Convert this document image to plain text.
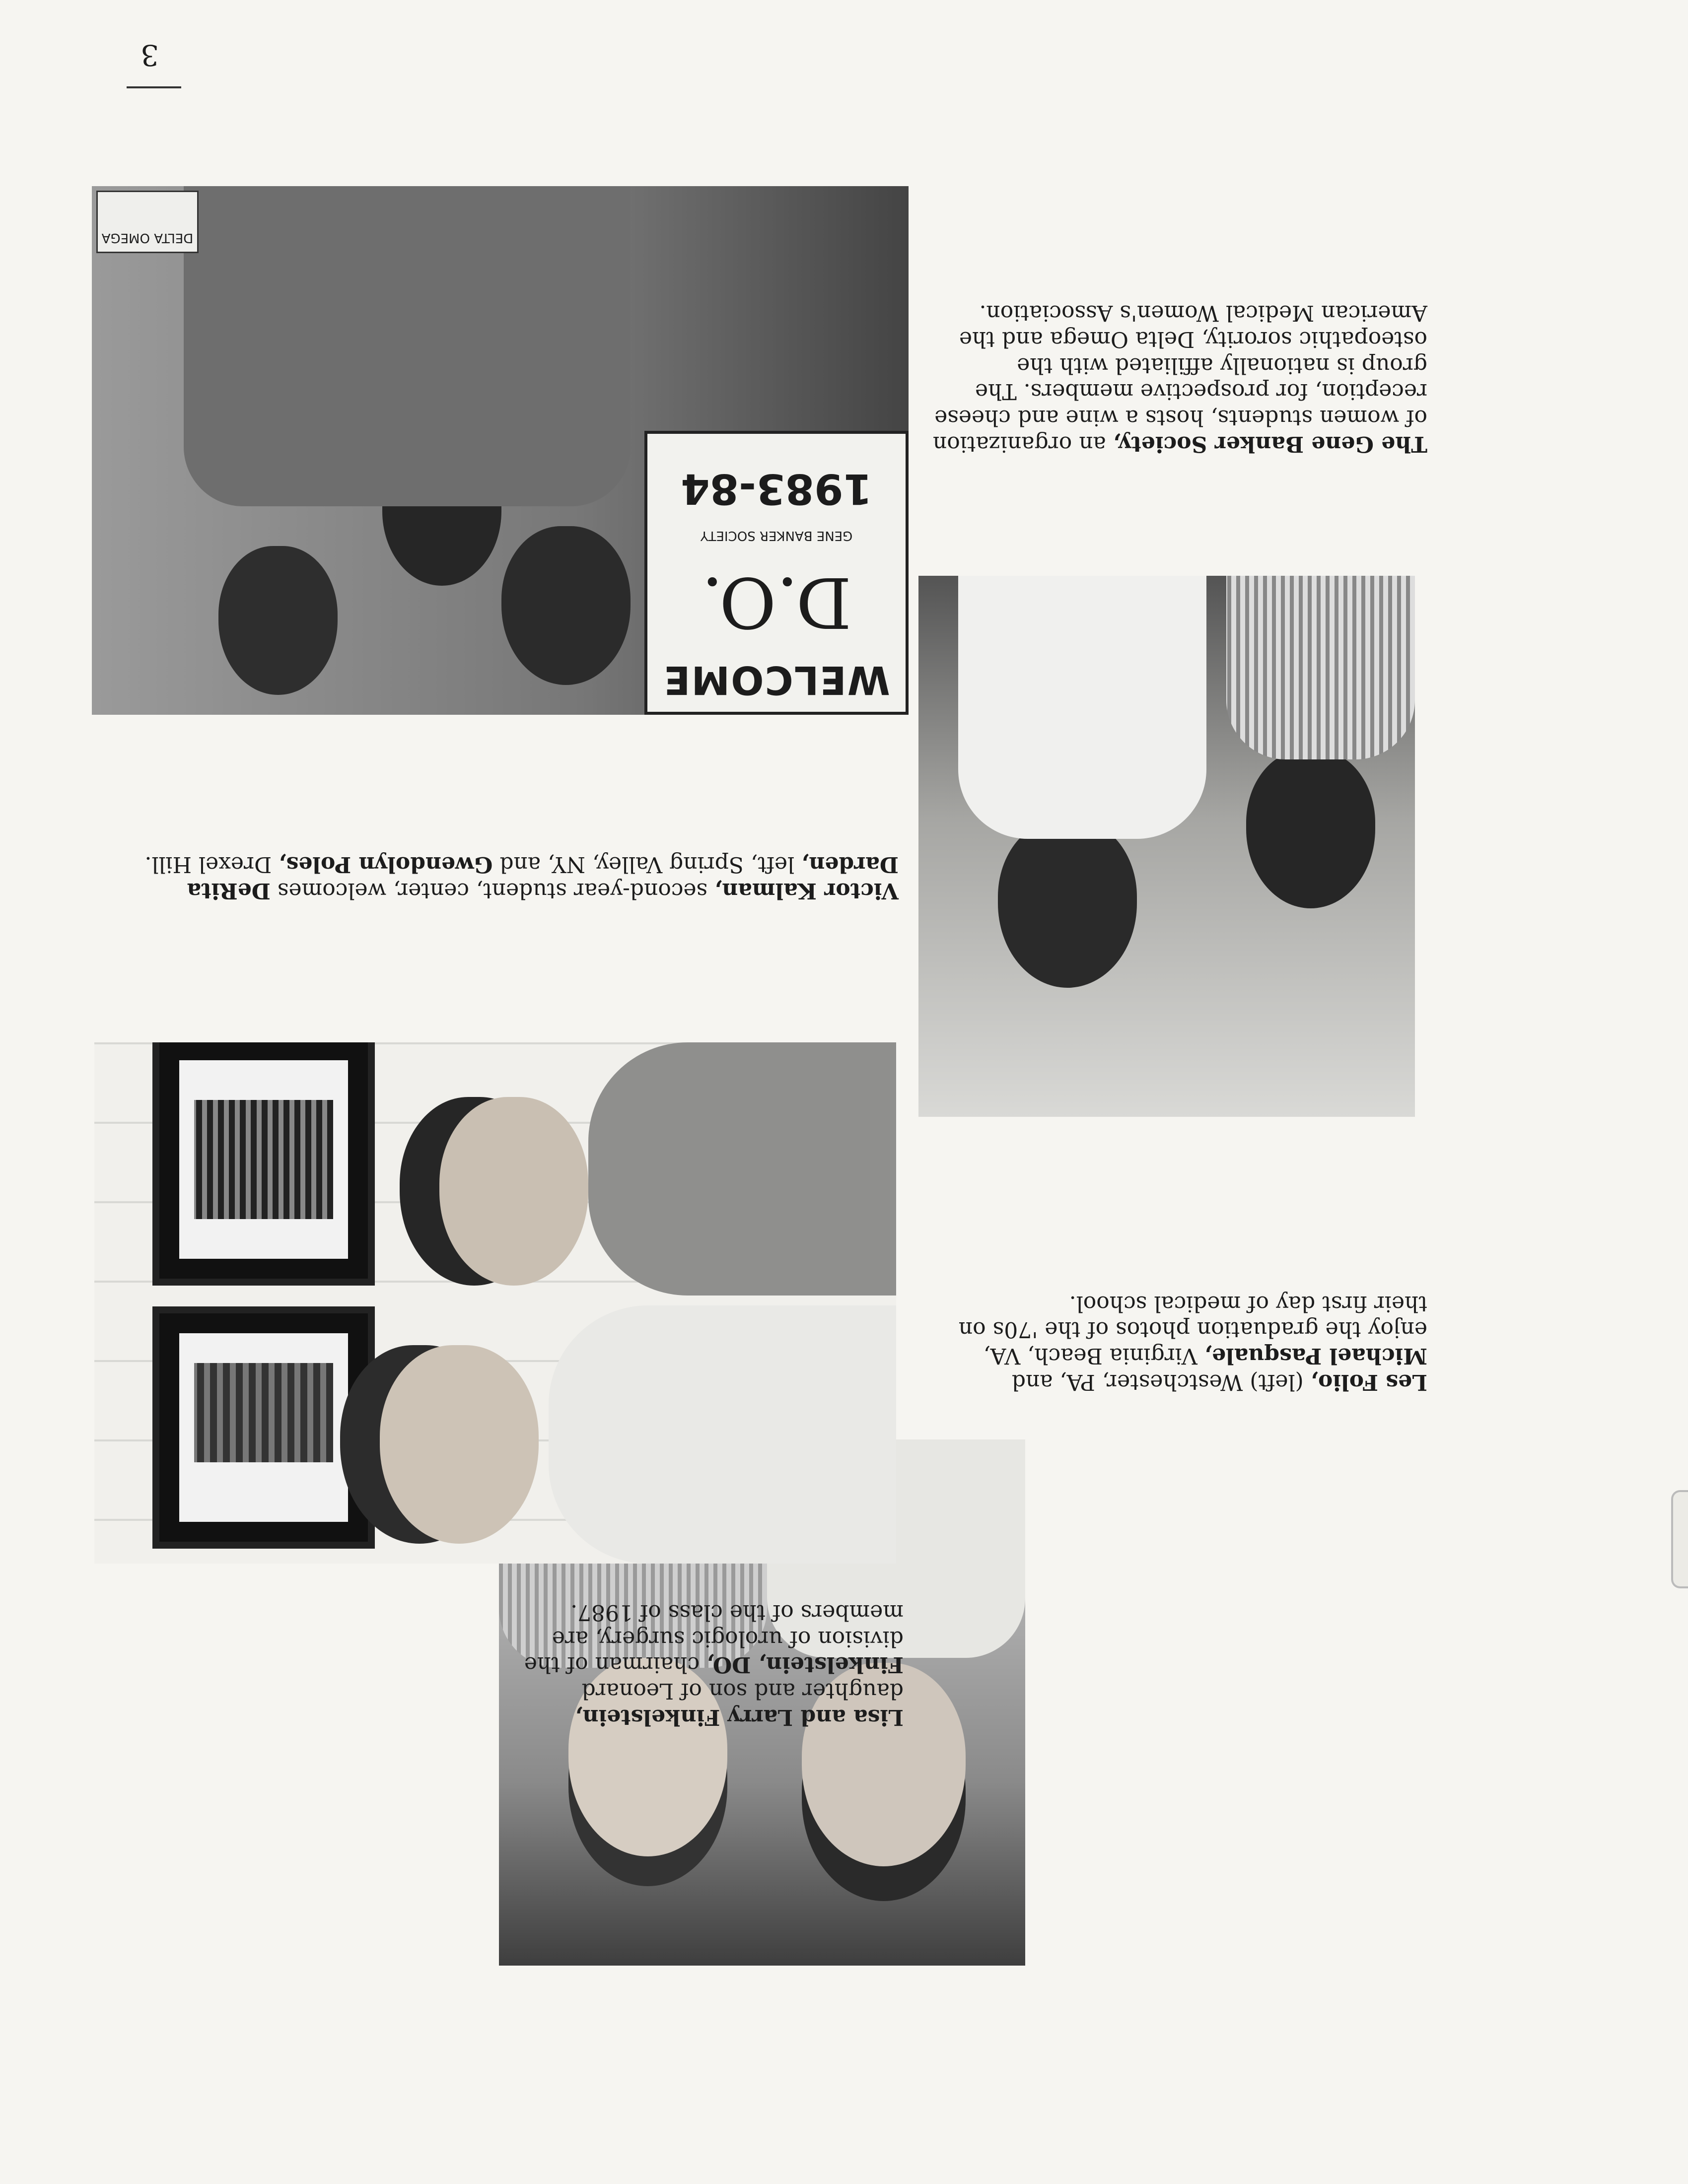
Lisa and Larry Finkelstein, daughter and son of Leonard Finkelstein, DO, chairman of the division of urologic surgery, are members of the class of 1987.
Victor Kalman, second-year student, center, welcomes DeRita Darden, left, Spring Valley, NY, and Gwendolyn Poles, Drexel Hill.
WELCOME
D.O.
GENE BANKER SOCIETY
1983-84
DELTA OMEGA
Les Folio, (left) Westchester, PA, and Michael Pasquale, Virginia Beach, VA, enjoy the graduation photos of the '70s on their first day of medical school.
The Gene Banker Society, an organization of women students, hosts a wine and cheese reception, for prospective members. The group is nationally affiliated with the osteopathic sorority, Delta Omega and the American Medical Women's Association.
3
